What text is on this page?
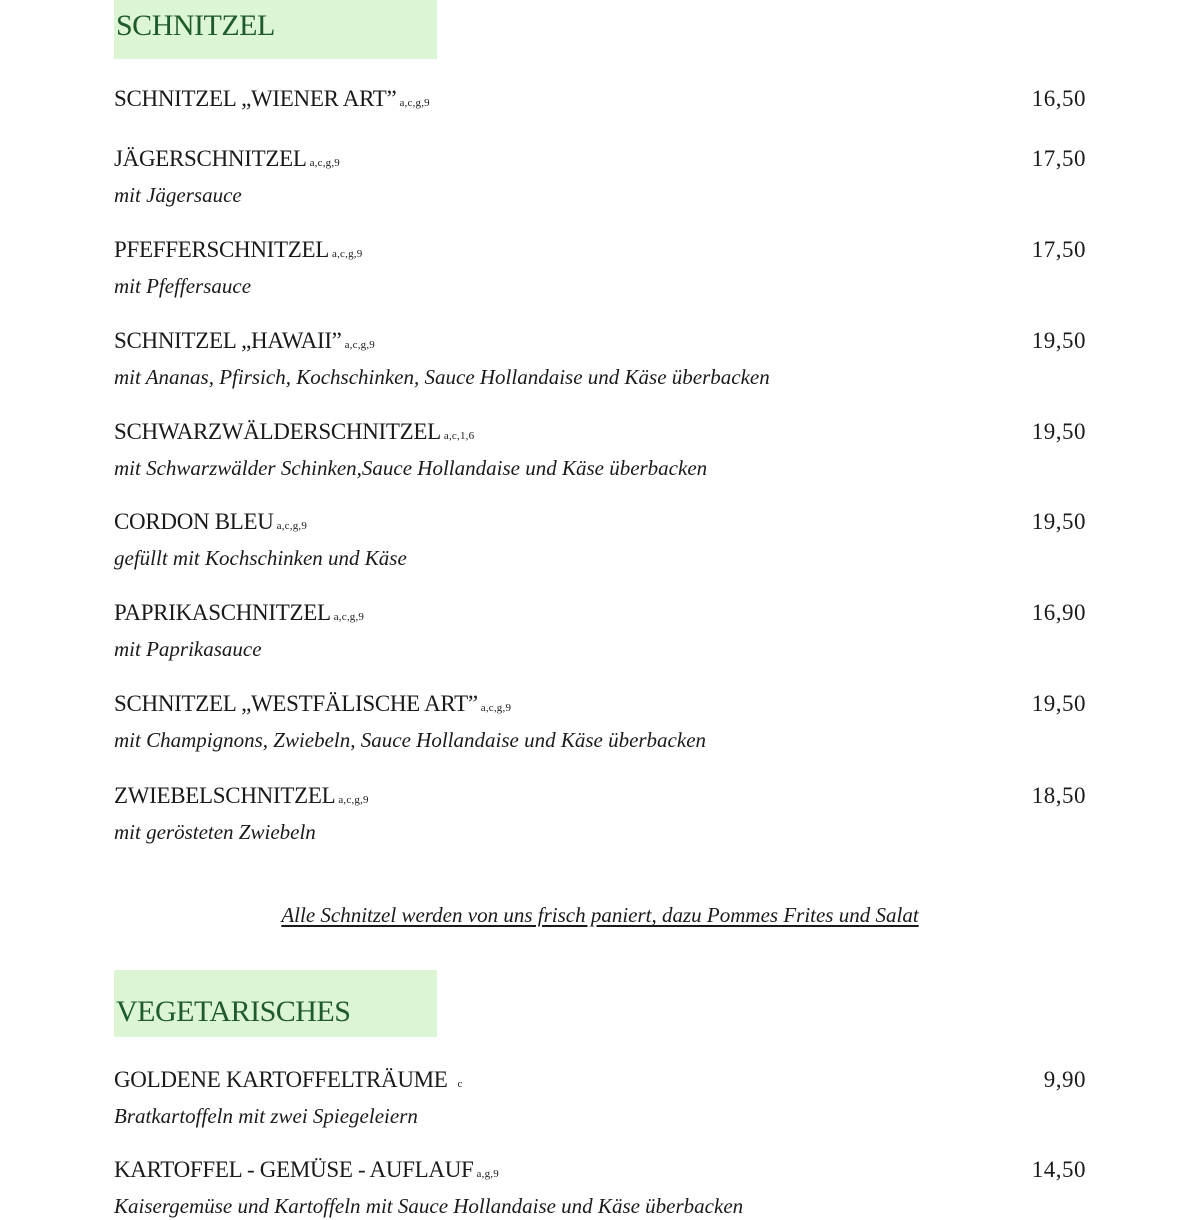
SCHNITZEL
SCHNITZEL „WIENER ART” a,c,g,9	16,50
JÄGERSCHNITZEL a,c,g,9	17,50
mit Jägersauce
PFEFFERSCHNITZEL a,c,g,9	17,50
mit Pfeffersauce
SCHNITZEL „HAWAII” a,c,g,9	19,50
mit Ananas, Pfirsich, Kochschinken, Sauce Hollandaise und Käse überbacken
SCHWARZWÄLDERSCHNITZEL a,c,1,6	19,50
mit Schwarzwälder Schinken,Sauce Hollandaise und Käse überbacken
CORDON BLEU a,c,g,9	19,50
gefüllt mit Kochschinken und Käse
PAPRIKASCHNITZEL a,c,g,9	16,90
mit Paprikasauce
SCHNITZEL „WESTFÄLISCHE ART” a,c,g,9	19,50
mit Champignons, Zwiebeln, Sauce Hollandaise und Käse überbacken
ZWIEBELSCHNITZEL a,c,g,9	18,50
mit gerösteten Zwiebeln
Alle Schnitzel werden von uns frisch paniert, dazu Pommes Frites und Salat
VEGETARISCHES
GOLDENE KARTOFFELTRÄUME c	9,90
Bratkartoffeln mit zwei Spiegeleiern
KARTOFFEL - GEMÜSE - AUFLAUF a,g,9	14,50
Kaisergemüse und Kartoffeln mit Sauce Hollandaise und Käse überbacken
